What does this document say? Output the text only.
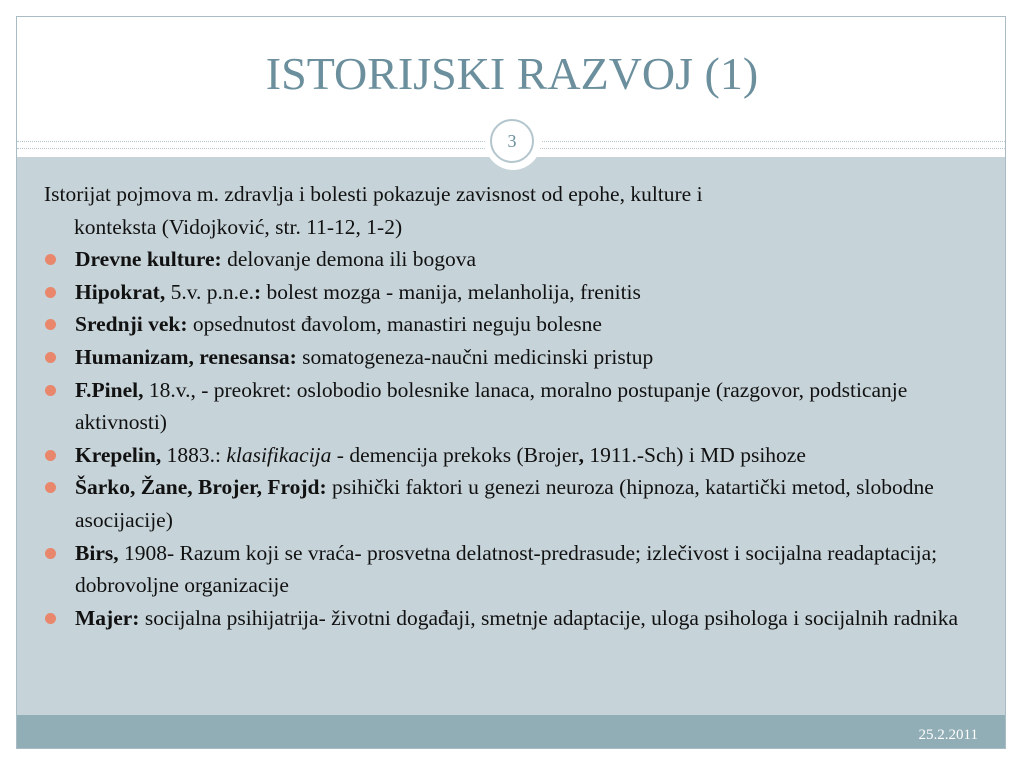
ISTORIJSKI RAZVOJ (1)
25.2.2011
3
Istorijat pojmova m. zdravlja i bolesti pokazuje zavisnost od epohe, kulture i
konteksta (Vidojković, str. 11-12, 1-2)
Drevne kulture: delovanje demona ili bogova
Hipokrat, 5.v. p.n.e.: bolest mozga - manija, melanholija, frenitis
Srednji vek: opsednutost đavolom, manastiri neguju bolesne
Humanizam, renesansa: somatogeneza-naučni medicinski pristup
F.Pinel, 18.v., - preokret: oslobodio bolesnike lanaca, moralno postupanje (razgovor, podsticanje aktivnosti)
Krepelin, 1883.: klasifikacija - demencija prekoks (Brojer, 1911.-Sch) i MD psihoze
Šarko, Žane, Brojer, Frojd: psihički faktori u genezi neuroza (hipnoza, katartički metod, slobodne asocijacije)
Birs, 1908- Razum koji se vraća- prosvetna delatnost-predrasude; izlečivost i socijalna readaptacija; dobrovoljne organizacije
Majer: socijalna psihijatrija- životni događaji, smetnje adaptacije, uloga psihologa i socijalnih radnika
